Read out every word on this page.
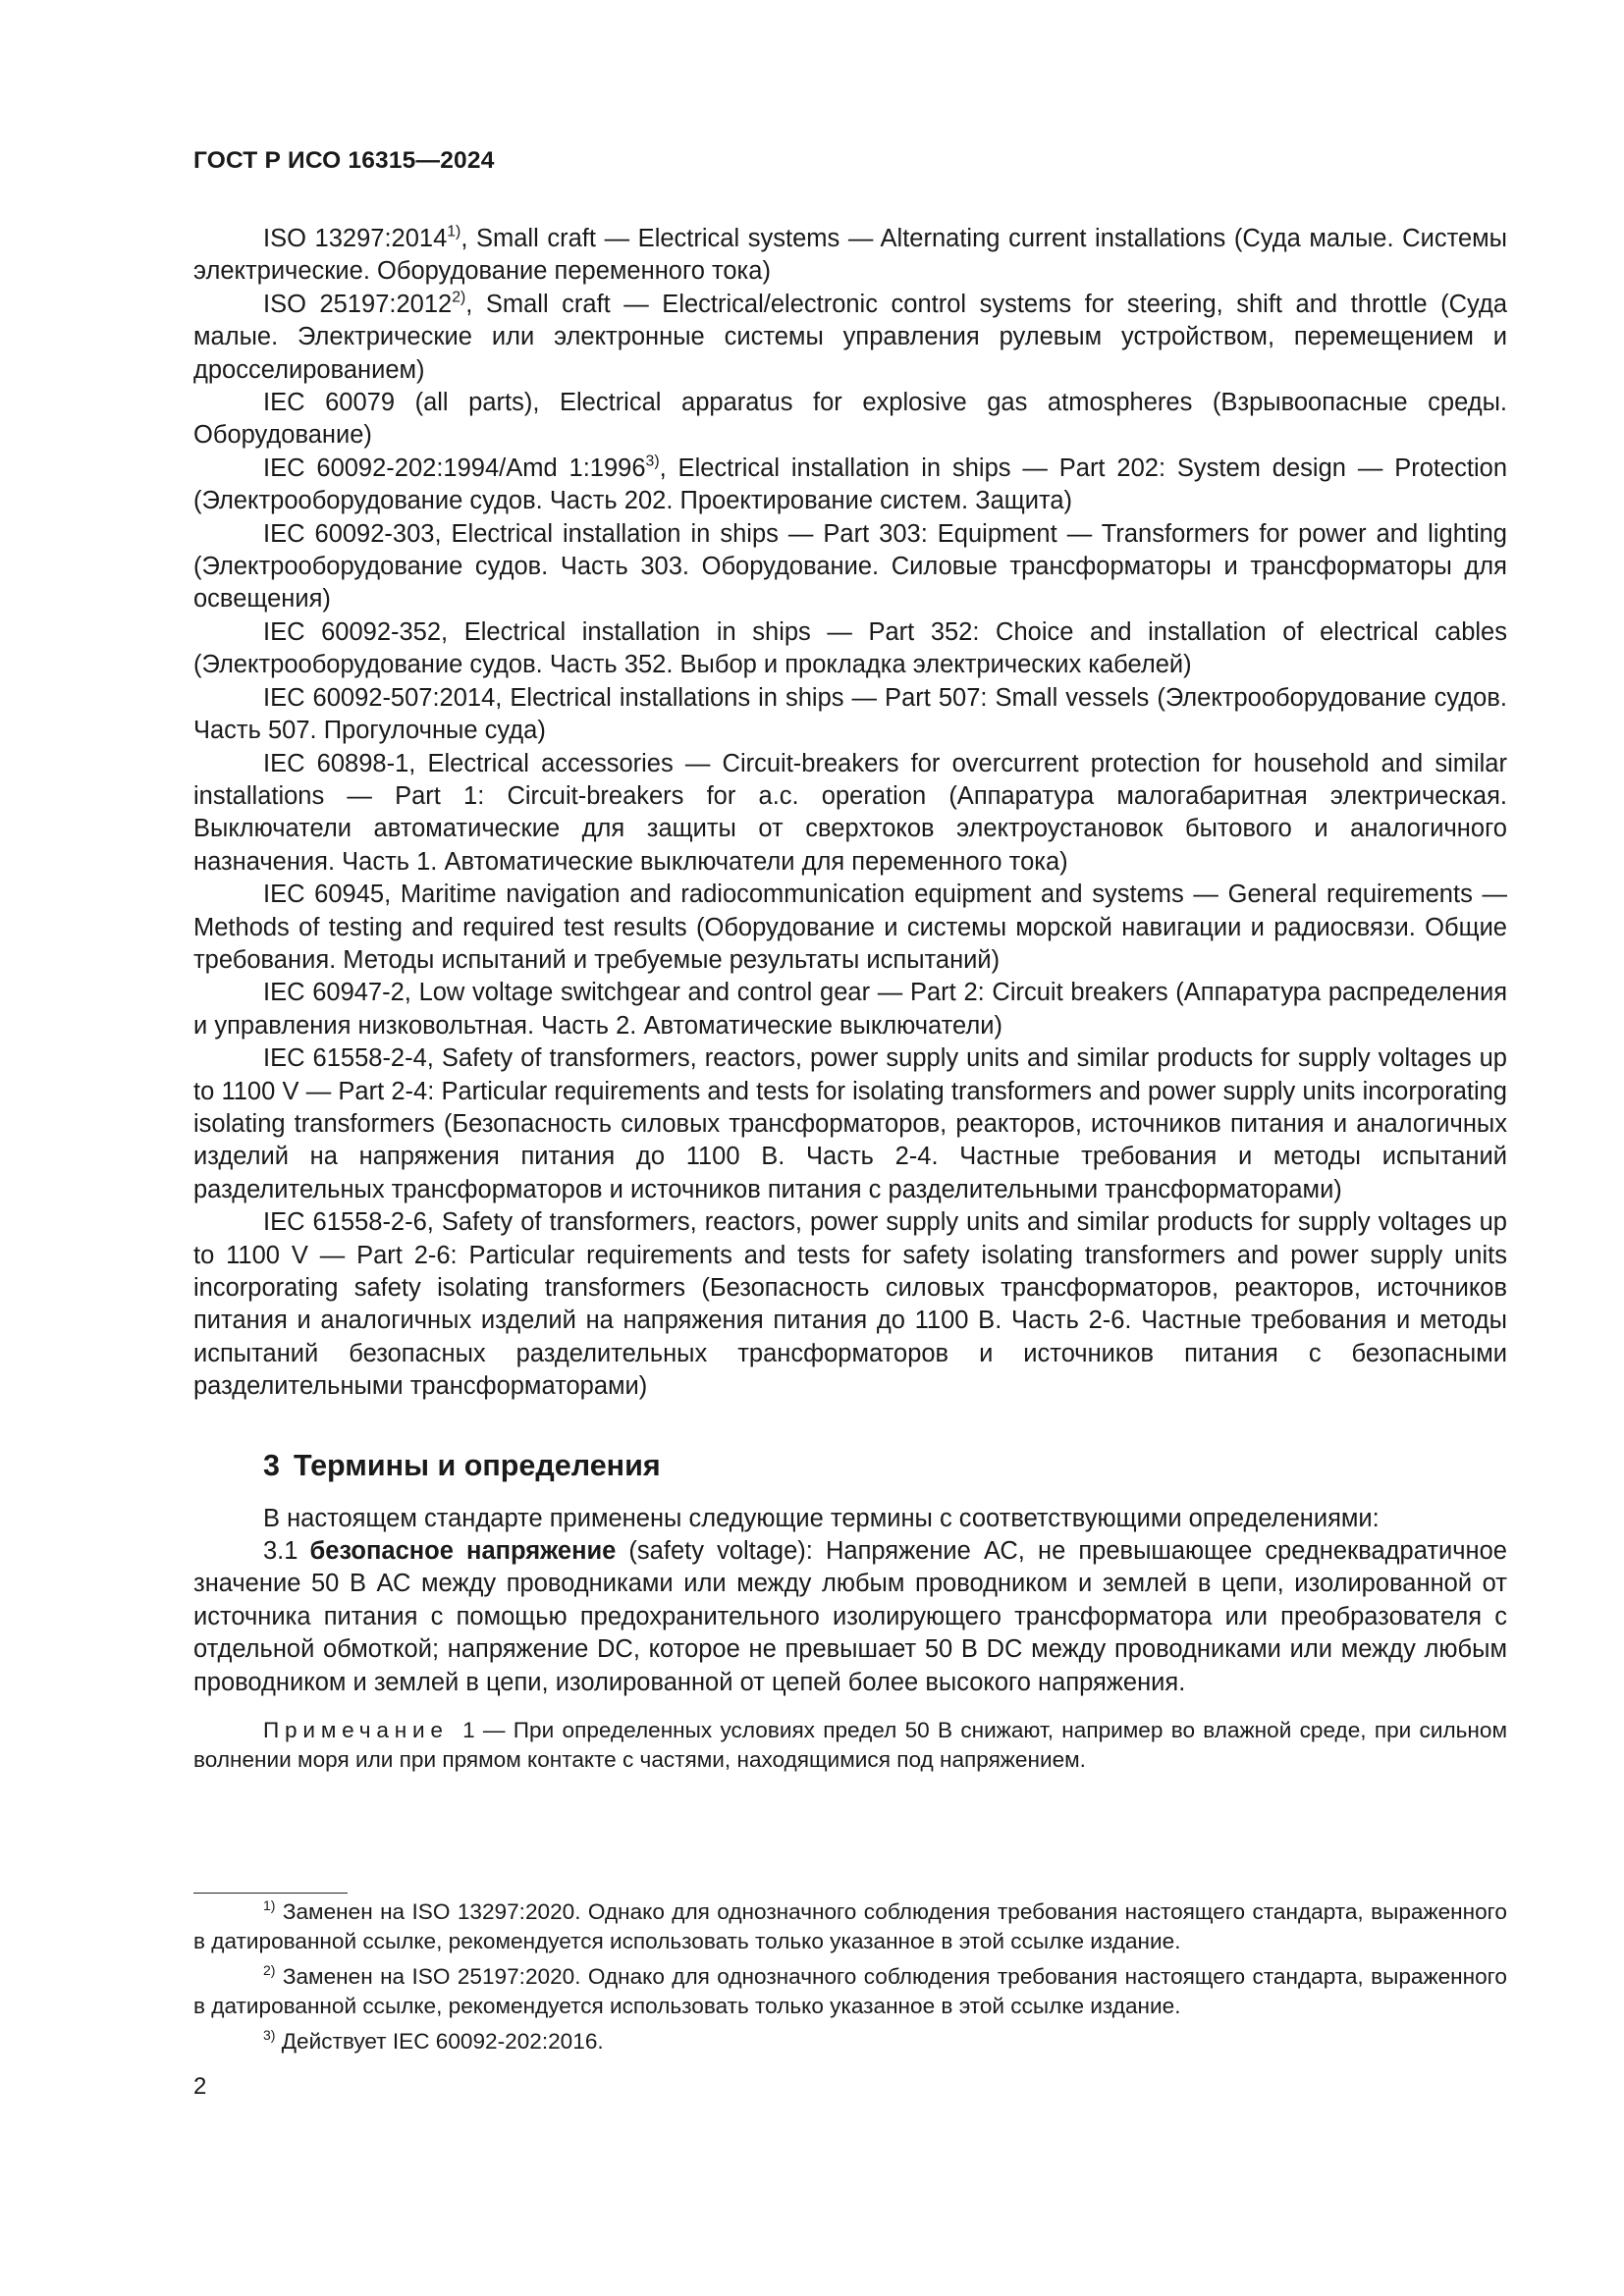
ГОСТ Р ИСО 16315—2024

ISO 13297:2014$^{1)}$, Small craft — Electrical systems — Alternating current installations (Суда малые. Системы электрические. Оборудование переменного тока)

ISO 25197:2012$^{2)}$, Small craft — Electrical/electronic control systems for steering, shift and throttle (Суда малые. Электрические или электронные системы управления рулевым устройством, перемещением и дросселированием)

IEC 60079 (all parts), Electrical apparatus for explosive gas atmospheres (Взрывоопасные среды. Оборудование)

IEC 60092-202:1994/Amd 1:1996$^{3)}$, Electrical installation in ships — Part 202: System design — Protection (Электрооборудование судов. Часть 202. Проектирование систем. Защита)

IEC 60092-303, Electrical installation in ships — Part 303: Equipment — Transformers for power and lighting (Электрооборудование судов. Часть 303. Оборудование. Силовые трансформаторы и трансформаторы для освещения)

IEC 60092-352, Electrical installation in ships — Part 352: Choice and installation of electrical cables (Электрооборудование судов. Часть 352. Выбор и прокладка электрических кабелей)

IEC 60092-507:2014, Electrical installations in ships — Part 507: Small vessels (Электрооборудование судов. Часть 507. Прогулочные суда)

IEC 60898-1, Electrical accessories — Circuit-breakers for overcurrent protection for household and similar installations — Part 1: Circuit-breakers for a.c. operation (Аппаратура малогабаритная электрическая. Выключатели автоматические для защиты от сверхтоков электроустановок бытового и аналогичного назначения. Часть 1. Автоматические выключатели для переменного тока)

IEC 60945, Maritime navigation and radiocommunication equipment and systems — General requirements — Methods of testing and required test results (Оборудование и системы морской навигации и радиосвязи. Общие требования. Методы испытаний и требуемые результаты испытаний)

IEC 60947-2, Low voltage switchgear and control gear — Part 2: Circuit breakers (Аппаратура распределения и управления низковольтная. Часть 2. Автоматические выключатели)

IEC 61558-2-4, Safety of transformers, reactors, power supply units and similar products for supply voltages up to 1100 V — Part 2-4: Particular requirements and tests for isolating transformers and power supply units incorporating isolating transformers (Безопасность силовых трансформаторов, реакторов, источников питания и аналогичных изделий на напряжения питания до 1100 В. Часть 2-4. Частные требования и методы испытаний разделительных трансформаторов и источников питания с разделительными трансформаторами)

IEC 61558-2-6, Safety of transformers, reactors, power supply units and similar products for supply voltages up to 1100 V — Part 2-6: Particular requirements and tests for safety isolating transformers and power supply units incorporating safety isolating transformers (Безопасность силовых трансформаторов, реакторов, источников питания и аналогичных изделий на напряжения питания до 1100 В. Часть 2-6. Частные требования и методы испытаний безопасных разделительных трансформаторов и источников питания с безопасными разделительными трансформаторами)

3 Термины и определения

В настоящем стандарте применены следующие термины с соответствующими определениями:

3.1 безопасное напряжение (safety voltage): Напряжение АС, не превышающее среднеквадратичное значение 50 В АС между проводниками или между любым проводником и землей в цепи, изолированной от источника питания с помощью предохранительного изолирующего трансформатора или преобразователя с отдельной обмоткой; напряжение DC, которое не превышает 50 В DC между проводниками или между любым проводником и землей в цепи, изолированной от цепей более высокого напряжения.

Примечание 1 — При определенных условиях предел 50 В снижают, например во влажной среде, при сильном волнении моря или при прямом контакте с частями, находящимися под напряжением.

$^{1)}$ Заменен на ISO 13297:2020. Однако для однозначного соблюдения требования настоящего стандарта, выраженного в датированной ссылке, рекомендуется использовать только указанное в этой ссылке издание.

$^{2)}$ Заменен на ISO 25197:2020. Однако для однозначного соблюдения требования настоящего стандарта, выраженного в датированной ссылке, рекомендуется использовать только указанное в этой ссылке издание.

$^{3)}$ Действует IEC 60092-202:2016.

2
